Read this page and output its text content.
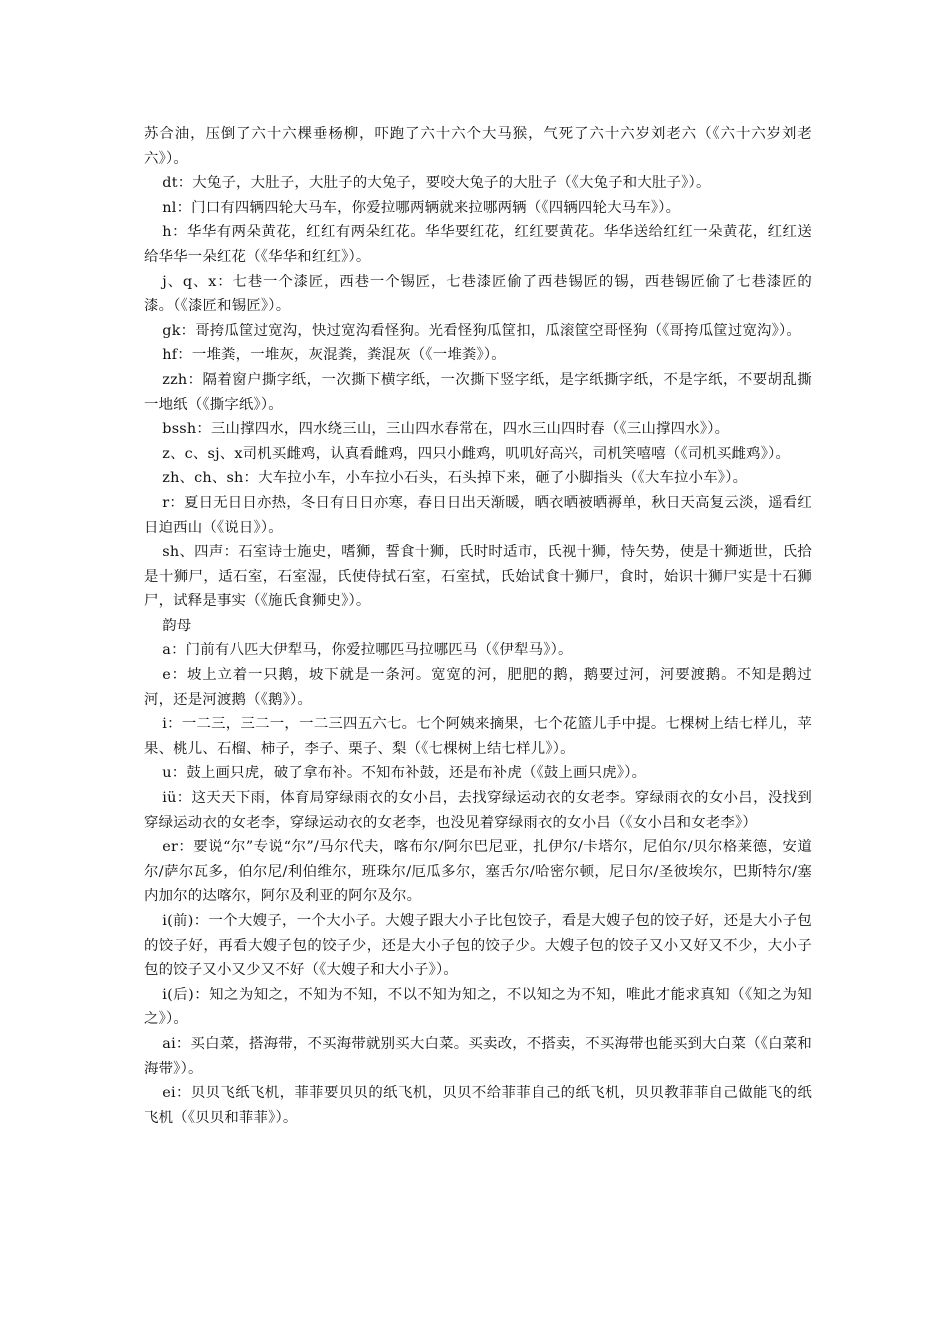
苏合油，压倒了六十六棵垂杨柳，吓跑了六十六个大马猴，气死了六十六岁刘老六（《六十六岁刘老六》）。

dt：大兔子，大肚子，大肚子的大兔子，要咬大兔子的大肚子（《大兔子和大肚子》）。

nl：门口有四辆四轮大马车，你爱拉哪两辆就来拉哪两辆（《四辆四轮大马车》）。

h：华华有两朵黄花，红红有两朵红花。华华要红花，红红要黄花。华华送给红红一朵黄花，红红送给华华一朵红花（《华华和红红》）。

j、q、x：七巷一个漆匠，西巷一个锡匠，七巷漆匠偷了西巷锡匠的锡，西巷锡匠偷了七巷漆匠的漆。（《漆匠和锡匠》）。

gk：哥挎瓜筐过宽沟，快过宽沟看怪狗。光看怪狗瓜筐扣，瓜滚筐空哥怪狗（《哥挎瓜筐过宽沟》）。

hf：一堆粪，一堆灰，灰混粪，粪混灰（《一堆粪》）。

zzh：隔着窗户撕字纸，一次撕下横字纸，一次撕下竖字纸，是字纸撕字纸，不是字纸，不要胡乱撕一地纸（《撕字纸》）。

bssh：三山撑四水，四水绕三山，三山四水春常在，四水三山四时春（《三山撑四水》）。

z、c、sj、x司机买雌鸡，认真看雌鸡，四只小雌鸡，叽叽好高兴，司机笑嘻嘻（《司机买雌鸡》）。

zh、ch、sh：大车拉小车，小车拉小石头，石头掉下来，砸了小脚指头（《大车拉小车》）。

r：夏日无日日亦热，冬日有日日亦寒，春日日出天渐暖，晒衣晒被晒褥单，秋日天高复云淡，遥看红日迫西山（《说日》）。

sh、四声：石室诗士施史，嗜狮，誓食十狮，氏时时适市，氏视十狮，恃矢势，使是十狮逝世，氏拾是十狮尸，适石室，石室湿，氏使侍拭石室，石室拭，氏始试食十狮尸，食时，始识十狮尸实是十石狮尸，试释是事实（《施氏食狮史》）。

韵母

a：门前有八匹大伊犁马，你爱拉哪匹马拉哪匹马（《伊犁马》）。

e：坡上立着一只鹅，坡下就是一条河。宽宽的河，肥肥的鹅，鹅要过河，河要渡鹅。不知是鹅过河，还是河渡鹅（《鹅》）。

i：一二三，三二一，一二三四五六七。七个阿姨来摘果，七个花篮儿手中提。七棵树上结七样儿，苹果、桃儿、石榴、柿子，李子、栗子、梨（《七棵树上结七样儿》）。

u：鼓上画只虎，破了拿布补。不知布补鼓，还是布补虎（《鼓上画只虎》）。

iü：这天天下雨，体育局穿绿雨衣的女小吕，去找穿绿运动衣的女老李。穿绿雨衣的女小吕，没找到穿绿运动衣的女老李，穿绿运动衣的女老李，也没见着穿绿雨衣的女小吕（《女小吕和女老李》）

er：要说“尔”专说“尔”/马尔代夫，喀布尔/阿尔巴尼亚，扎伊尔/卡塔尔，尼伯尔/贝尔格莱德，安道尔/萨尔瓦多，伯尔尼/利伯维尔，班珠尔/厄瓜多尔，塞舌尔/哈密尔顿，尼日尔/圣彼埃尔，巴斯特尔/塞内加尔的达喀尔，阿尔及利亚的阿尔及尔。

i(前)：一个大嫂子，一个大小子。大嫂子跟大小子比包饺子，看是大嫂子包的饺子好，还是大小子包的饺子好，再看大嫂子包的饺子少，还是大小子包的饺子少。大嫂子包的饺子又小又好又不少，大小子包的饺子又小又少又不好（《大嫂子和大小子》）。

i(后)：知之为知之，不知为不知，不以不知为知之，不以知之为不知，唯此才能求真知（《知之为知之》）。

ai：买白菜，搭海带，不买海带就别买大白菜。买卖改，不搭卖，不买海带也能买到大白菜（《白菜和海带》）。

ei：贝贝飞纸飞机，菲菲要贝贝的纸飞机，贝贝不给菲菲自己的纸飞机，贝贝教菲菲自己做能飞的纸飞机（《贝贝和菲菲》）。
